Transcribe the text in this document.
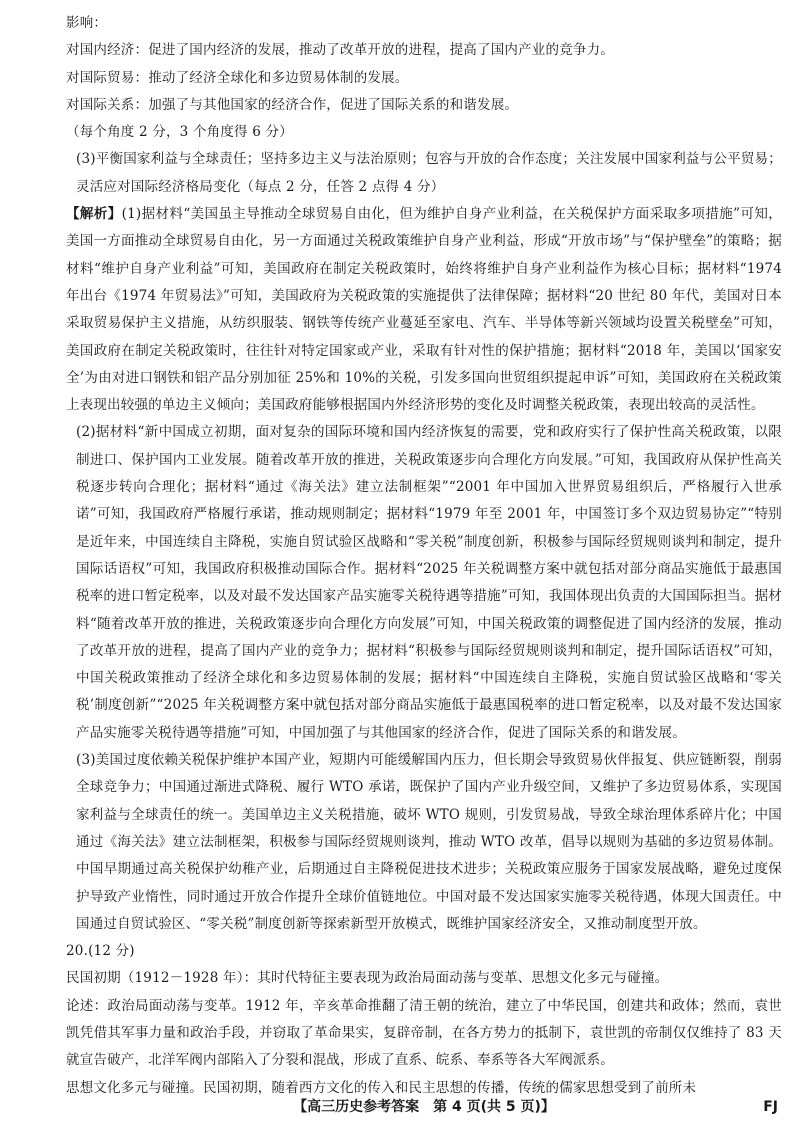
影响：

对国内经济：促进了国内经济的发展，推动了改革开放的进程，提高了国内产业的竞争力。

对国际贸易：推动了经济全球化和多边贸易体制的发展。

对国际关系：加强了与其他国家的经济合作，促进了国际关系的和谐发展。

（每个角度 2 分，3 个角度得 6 分）

(3)平衡国家利益与全球责任；坚持多边主义与法治原则；包容与开放的合作态度；关注发展中国家利益与公平贸易；灵活应对国际经济格局变化（每点 2 分，任答 2 点得 4 分）

【解析】(1)据材料“美国虽主导推动全球贸易自由化，但为维护自身产业利益，在关税保护方面采取多项措施”可知，美国一方面推动全球贸易自由化，另一方面通过关税政策维护自身产业利益，形成“开放市场”与“保护壁垒”的策略；据材料“维护自身产业利益”可知，美国政府在制定关税政策时，始终将维护自身产业利益作为核心目标；据材料“1974 年出台《1974 年贸易法》”可知，美国政府为关税政策的实施提供了法律保障；据材料“20 世纪 80 年代，美国对日本采取贸易保护主义措施，从纺织服装、钢铁等传统产业蔓延至家电、汽车、半导体等新兴领域均设置关税壁垒”可知，美国政府在制定关税政策时，往往针对特定国家或产业，采取有针对性的保护措施；据材料“2018 年，美国以‘国家安全’为由对进口钢铁和铝产品分别加征 25%和 10%的关税，引发多国向世贸组织提起申诉”可知，美国政府在关税政策上表现出较强的单边主义倾向；美国政府能够根据国内外经济形势的变化及时调整关税政策，表现出较高的灵活性。

(2)据材料“新中国成立初期，面对复杂的国际环境和国内经济恢复的需要，党和政府实行了保护性高关税政策，以限制进口、保护国内工业发展。随着改革开放的推进，关税政策逐步向合理化方向发展。”可知，我国政府从保护性高关税逐步转向合理化；据材料“通过《海关法》建立法制框架”“2001 年中国加入世界贸易组织后，严格履行入世承诺”可知，我国政府严格履行承诺，推动规则制定；据材料“1979 年至 2001 年，中国签订多个双边贸易协定”“特别是近年来，中国连续自主降税，实施自贸试验区战略和“零关税”制度创新，积极参与国际经贸规则谈判和制定，提升国际话语权”可知，我国政府积极推动国际合作。据材料“2025 年关税调整方案中就包括对部分商品实施低于最惠国税率的进口暂定税率，以及对最不发达国家产品实施零关税待遇等措施”可知，我国体现出负责的大国国际担当。据材料“随着改革开放的推进，关税政策逐步向合理化方向发展”可知，中国关税政策的调整促进了国内经济的发展，推动了改革开放的进程，提高了国内产业的竞争力；据材料“积极参与国际经贸规则谈判和制定，提升国际话语权”可知，中国关税政策推动了经济全球化和多边贸易体制的发展；据材料“中国连续自主降税，实施自贸试验区战略和‘零关税’制度创新”“2025 年关税调整方案中就包括对部分商品实施低于最惠国税率的进口暂定税率，以及对最不发达国家产品实施零关税待遇等措施”可知，中国加强了与其他国家的经济合作，促进了国际关系的和谐发展。

(3)美国过度依赖关税保护维护本国产业，短期内可能缓解国内压力，但长期会导致贸易伙伴报复、供应链断裂，削弱全球竞争力；中国通过渐进式降税、履行 WTO 承诺，既保护了国内产业升级空间，又维护了多边贸易体系，实现国家利益与全球责任的统一。美国单边主义关税措施，破坏 WTO 规则，引发贸易战，导致全球治理体系碎片化；中国通过《海关法》建立法制框架，积极参与国际经贸规则谈判，推动 WTO 改革，倡导以规则为基础的多边贸易体制。中国早期通过高关税保护幼稚产业，后期通过自主降税促进技术进步；关税政策应服务于国家发展战略，避免过度保护导致产业惰性，同时通过开放合作提升全球价值链地位。中国对最不发达国家实施零关税待遇，体现大国责任。中国通过自贸试验区、“零关税”制度创新等探索新型开放模式，既维护国家经济安全，又推动制度型开放。

20.(12 分)

民国初期（1912－1928 年）：其时代特征主要表现为政治局面动荡与变革、思想文化多元与碰撞。

论述：政治局面动荡与变革。1912 年，辛亥革命推翻了清王朝的统治，建立了中华民国，创建共和政体；然而，袁世凯凭借其军事力量和政治手段，并窃取了革命果实，复辟帝制，在各方势力的抵制下，袁世凯的帝制仅仅维持了 83 天就宣告破产，北洋军阀内部陷入了分裂和混战，形成了直系、皖系、奉系等各大军阀派系。

思想文化多元与碰撞。民国初期，随着西方文化的传入和民主思想的传播，传统的儒家思想受到了前所未

【高三历史参考答案　第 4 页(共 5 页)】	FJ
